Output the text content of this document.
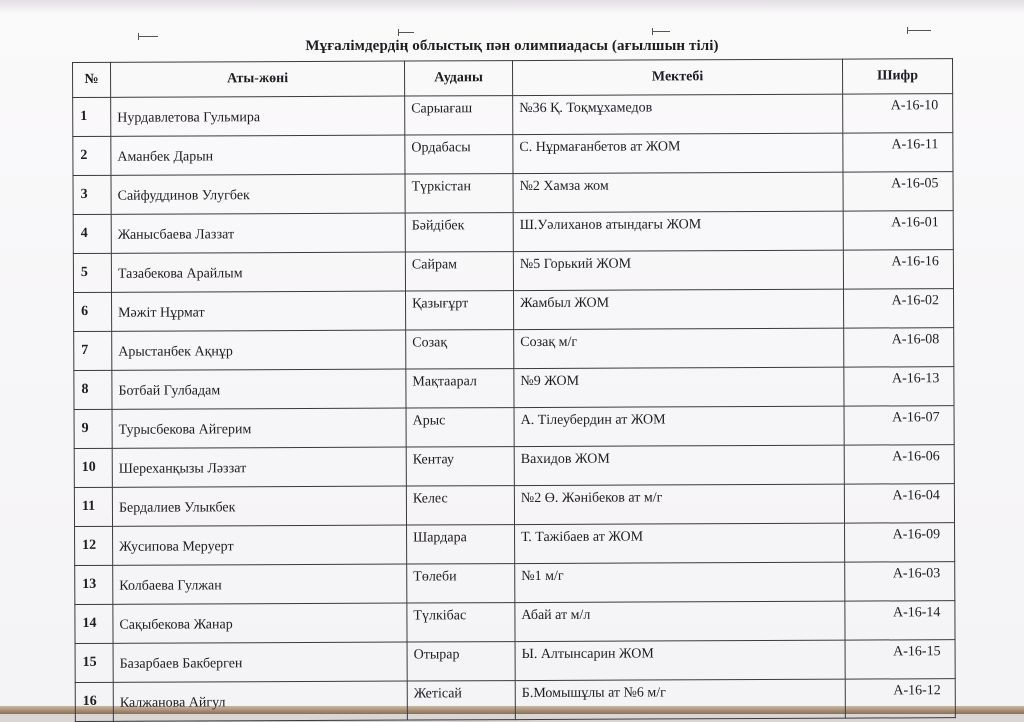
Мұғалімдердің облыстық пән олимпиадасы (ағылшын тілі)
№	Аты-жөні	Ауданы	Мектебі	Шифр
1	Нурдавлетова Гульмира	Сарыағаш	№36 Қ. Тоқмұхамедов	А-16-10
2	Аманбек Дарын	Ордабасы	С. Нұрмағанбетов ат ЖОМ	А-16-11
3	Сайфуддинов Улугбек	Түркістан	№2 Хамза жом	А-16-05
4	Жанысбаева Лаззат	Бәйдібек	Ш.Уәлиханов атындағы ЖОМ	А-16-01
5	Тазабекова Арайлым	Сайрам	№5 Горький ЖОМ	А-16-16
6	Мәжіт Нұрмат	Қазығұрт	Жамбыл ЖОМ	А-16-02
7	Арыстанбек Ақнұр	Созақ	Созақ м/г	А-16-08
8	Ботбай Гулбадам	Мақтаарал	№9 ЖОМ	А-16-13
9	Турысбекова Айгерим	Арыс	А. Тілеубердин ат ЖОМ	А-16-07
10	Шереханқызы Ләззат	Кентау	Вахидов ЖОМ	А-16-06
11	Бердалиев Улыкбек	Келес	№2 Ө. Жәнібеков ат м/г	А-16-04
12	Жусипова Меруерт	Шардара	Т. Тажібаев ат ЖОМ	А-16-09
13	Колбаева Гулжан	Төлеби	№1 м/г	А-16-03
14	Сақыбекова Жанар	Түлкібас	Абай ат м/л	А-16-14
15	Базарбаев Бакберген	Отырар	Ы. Алтынсарин ЖОМ	А-16-15
16	Калжанова Айгул	Жетісай	Б.Момышұлы ат №6 м/г	А-16-12
